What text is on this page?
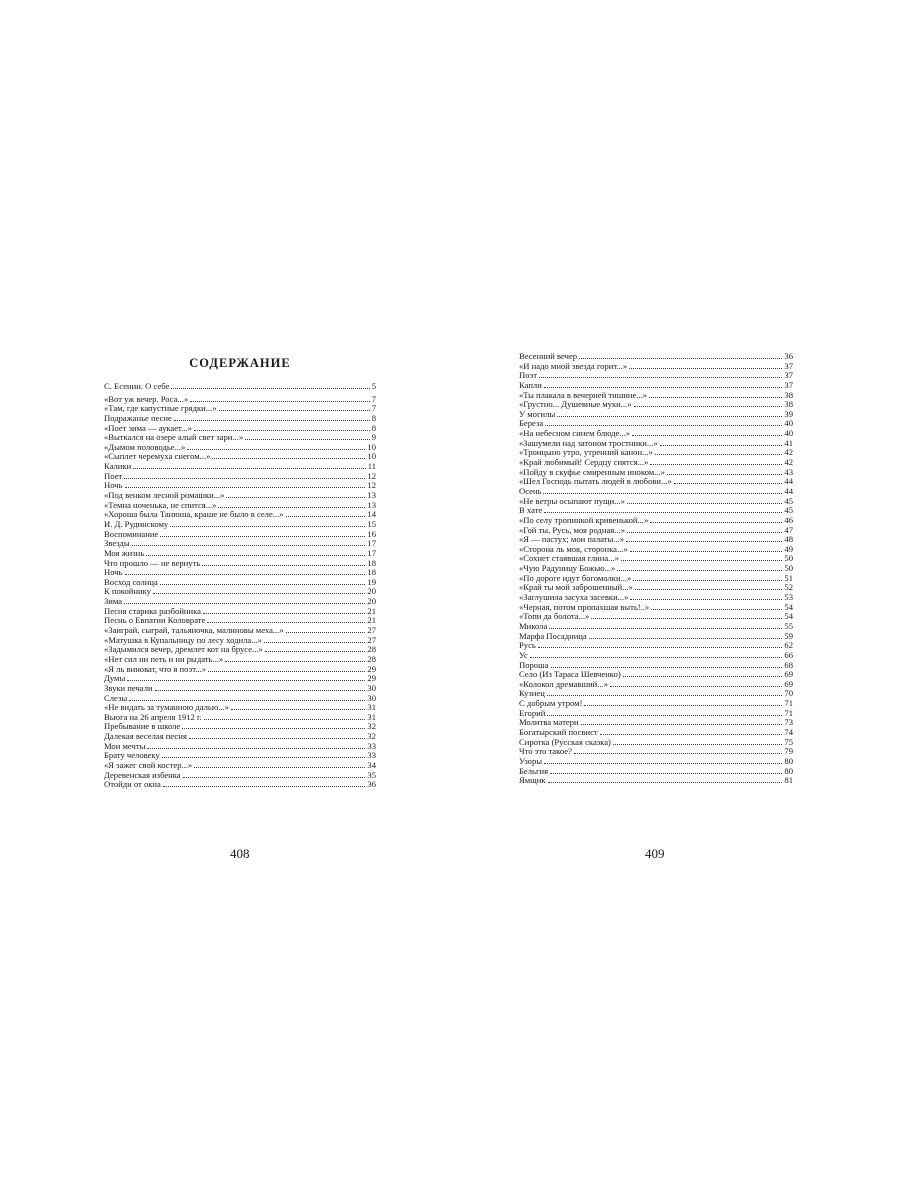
СОДЕРЖАНИЕ
С. Есенин. О себе	5
«Вот уж вечер. Роса...»	7
«Там, где капустные грядки...»	7
Подражанье песне	8
«Поет зима — аукает...»	8
«Выткался на озере алый свет зари...»	9
«Дымом половодье...»	10
«Сыплет черемуха снегом...»	10
Калики	11
Поет	12
Ночь	12
«Под венком лесной ромашки...»	13
«Темна ноченька, не спится...»	13
«Хороша была Танюша, краше не было в селе...»	14
И. Д. Рудинскому	15
Воспоминание	16
Звезды	17
Моя жизнь	17
Что прошло — не вернуть	18
Ночь	18
Восход солнца	19
К покойнику	20
Зима	20
Песня старика разбойника	21
Песнь о Евпатии Коловрате	21
«Заиграй, сыграй, тальяночка, малиновы меха...»	27
«Матушка в Купальницу по лесу ходила...»	27
«Задымился вечер, дремлет кот на брусе...»	28
«Нет сил ни петь и ни рыдать...»	28
«Я ль виноват, что я поэт...»	29
Думы	29
Звуки печали	30
Слезы	30
«Не видать за туманною далью...»	31
Вьюга на 26 апреля 1912 г.	31
Пребывание в школе	32
Далекая веселая песня	32
Мои мечты	33
Брату человеку	33
«Я зажег свой костер...»	34
Деревенская избенка	35
Отойди от окна	36
408
Весенний вечер	36
«И надо мной звезда горит...»	37
Поэт	37
Капли	37
«Ты плакала в вечерней тишине...»	38
«Грустно... Душевные муки...»	38
У могилы	39
Береза	40
«На небесном синем блюде...»	40
«Зашумели над затоном тростники...»	41
«Троицыно утро, утренний канон...»	42
«Край любимый! Сердцу снятся...»	42
«Пойду в скуфье смиренным иноком...»	43
«Шел Господь пытать людей в любови...»	44
Осень	44
«Не ветры осыпают пущи...»	45
В хате	45
«По селу тропинкой кривенькой...»	46
«Гой ты, Русь, моя родная...»	47
«Я — пастух; мои палаты...»	48
«Сторона ль моя, сторонка...»	49
«Сохнет стаявшая глина...»	50
«Чую Радуницу Божью...»	50
«По дороге идут богомолки...»	51
«Край ты мой заброшенный...»	52
«Заглушила засуха засевки...»	53
«Черная, потом пропахшая выть!..»	54
«Топи да болота...»	54
Микола	55
Марфа Посадница	59
Русь	62
Ус	66
Пороша	68
Село (Из Тараса Шевченко)	69
«Колокол дремавший...»	69
Кузнец	70
С добрым утром!	71
Егорий	71
Молитва матери	73
Богатырский посвист	74
Сиротка (Русская сказка)	75
Что это такое?	79
Узоры	80
Бельгия	80
Ямщик	81
409
